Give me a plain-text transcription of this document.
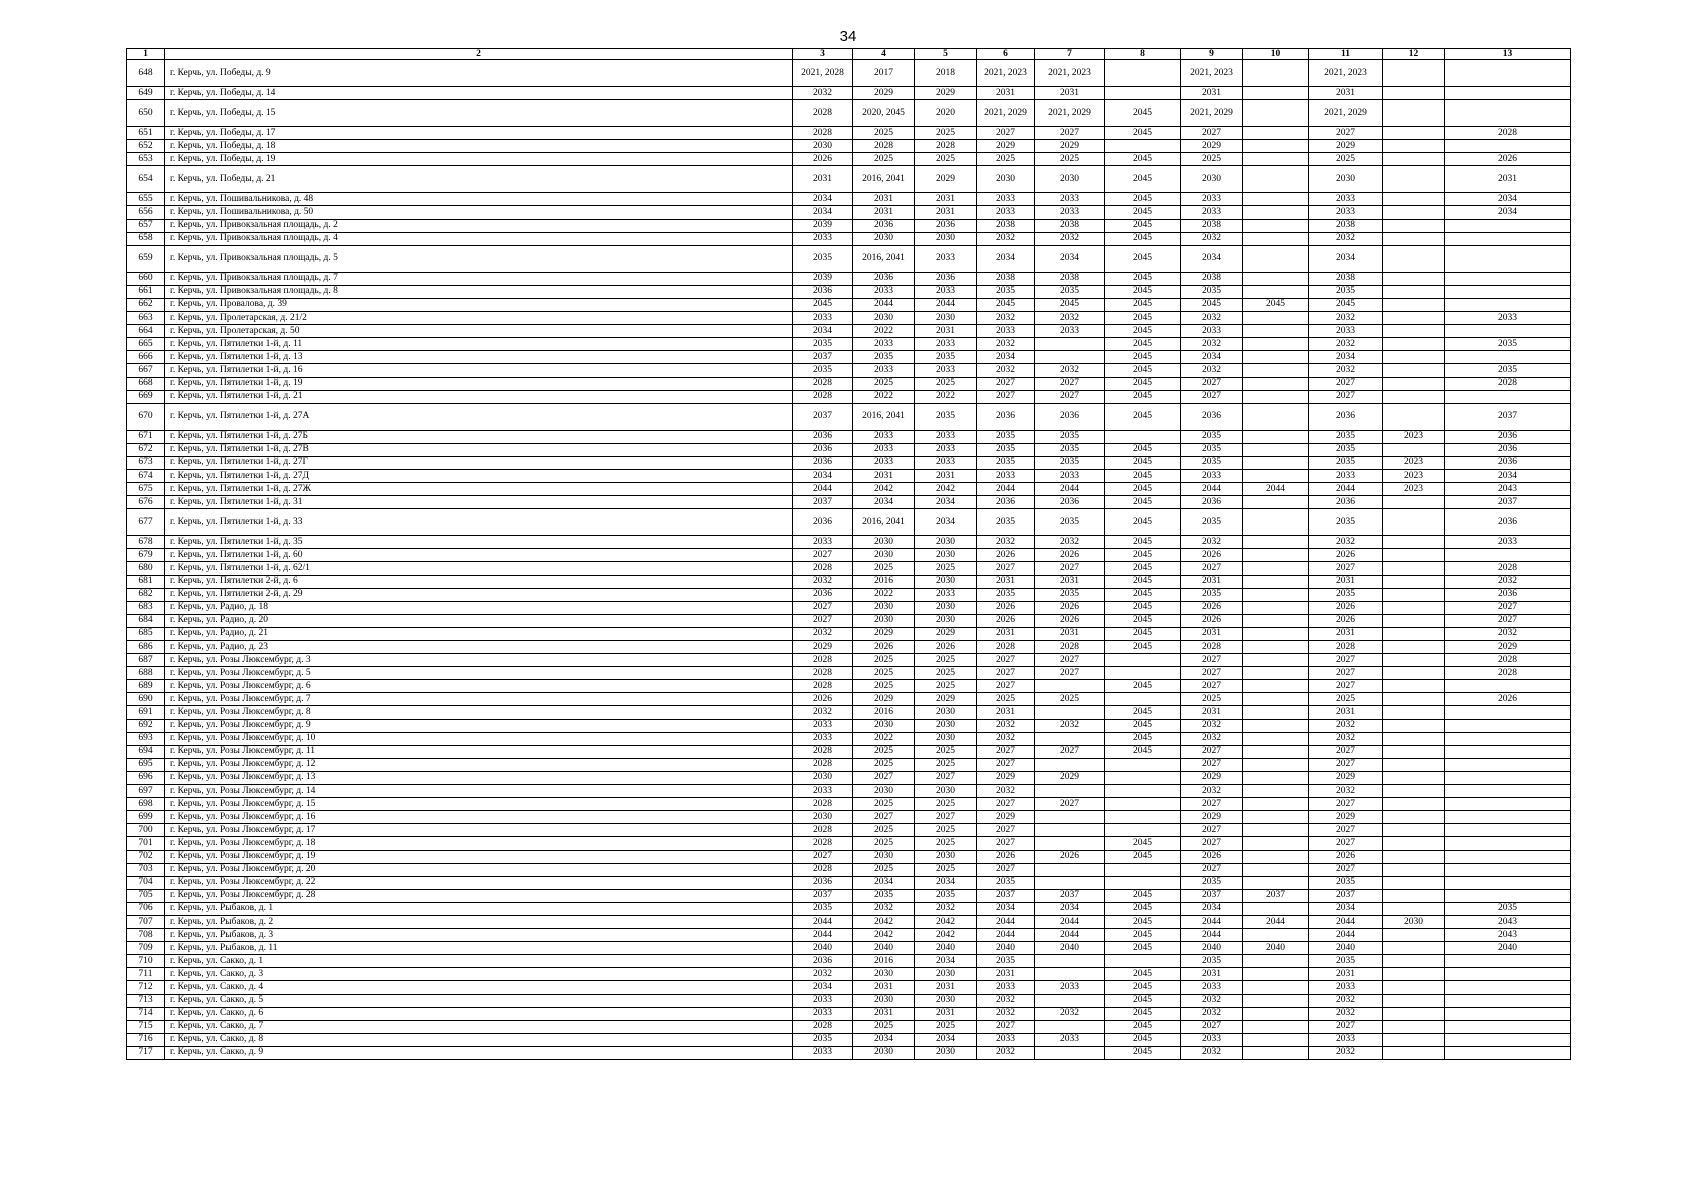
34
1	2	3	4	5	6	7	8	9	10	11	12	13
648	г. Керчь, ул. Победы, д. 9	2021, 2028	2017	2018	2021, 2023	2021, 2023		2021, 2023		2021, 2023		
649	г. Керчь, ул. Победы, д. 14	2032	2029	2029	2031	2031		2031		2031		
650	г. Керчь, ул. Победы, д. 15	2028	2020, 2045	2020	2021, 2029	2021, 2029	2045	2021, 2029		2021, 2029		
651	г. Керчь, ул. Победы, д. 17	2028	2025	2025	2027	2027	2045	2027		2027		2028
652	г. Керчь, ул. Победы, д. 18	2030	2028	2028	2029	2029		2029		2029		
653	г. Керчь, ул. Победы, д. 19	2026	2025	2025	2025	2025	2045	2025		2025		2026
654	г. Керчь, ул. Победы, д. 21	2031	2016, 2041	2029	2030	2030	2045	2030		2030		2031
655	г. Керчь, ул. Пошивальникова, д. 48	2034	2031	2031	2033	2033	2045	2033		2033		2034
656	г. Керчь, ул. Пошивальникова, д. 50	2034	2031	2031	2033	2033	2045	2033		2033		2034
657	г. Керчь, ул. Привокзальная площадь, д. 2	2039	2036	2036	2038	2038	2045	2038		2038		
658	г. Керчь, ул. Привокзальная площадь, д. 4	2033	2030	2030	2032	2032	2045	2032		2032		
659	г. Керчь, ул. Привокзальная площадь, д. 5	2035	2016, 2041	2033	2034	2034	2045	2034		2034		
660	г. Керчь, ул. Привокзальная площадь, д. 7	2039	2036	2036	2038	2038	2045	2038		2038		
661	г. Керчь, ул. Привокзальная площадь, д. 8	2036	2033	2033	2035	2035	2045	2035		2035		
662	г. Керчь, ул. Провалова, д. 39	2045	2044	2044	2045	2045	2045	2045	2045	2045		
663	г. Керчь, ул. Пролетарская, д. 21/2	2033	2030	2030	2032	2032	2045	2032		2032		2033
664	г. Керчь, ул. Пролетарская, д. 50	2034	2022	2031	2033	2033	2045	2033		2033		
665	г. Керчь, ул. Пятилетки 1-й, д. 11	2035	2033	2033	2032		2045	2032		2032		2035
666	г. Керчь, ул. Пятилетки 1-й, д. 13	2037	2035	2035	2034		2045	2034		2034		
667	г. Керчь, ул. Пятилетки 1-й, д. 16	2035	2033	2033	2032	2032	2045	2032		2032		2035
668	г. Керчь, ул. Пятилетки 1-й, д. 19	2028	2025	2025	2027	2027	2045	2027		2027		2028
669	г. Керчь, ул. Пятилетки 1-й, д. 21	2028	2022	2022	2027	2027	2045	2027		2027		
670	г. Керчь, ул. Пятилетки 1-й, д. 27А	2037	2016, 2041	2035	2036	2036	2045	2036		2036		2037
671	г. Керчь, ул. Пятилетки 1-й, д. 27Б	2036	2033	2033	2035	2035		2035		2035	2023	2036
672	г. Керчь, ул. Пятилетки 1-й, д. 27В	2036	2033	2033	2035	2035	2045	2035		2035		2036
673	г. Керчь, ул. Пятилетки 1-й, д. 27Г	2036	2033	2033	2035	2035	2045	2035		2035	2023	2036
674	г. Керчь, ул. Пятилетки 1-й, д. 27Д	2034	2031	2031	2033	2033	2045	2033		2033	2023	2034
675	г. Керчь, ул. Пятилетки 1-й, д. 27Ж	2044	2042	2042	2044	2044	2045	2044	2044	2044	2023	2043
676	г. Керчь, ул. Пятилетки 1-й, д. 31	2037	2034	2034	2036	2036	2045	2036		2036		2037
677	г. Керчь, ул. Пятилетки 1-й, д. 33	2036	2016, 2041	2034	2035	2035	2045	2035		2035		2036
678	г. Керчь, ул. Пятилетки 1-й, д. 35	2033	2030	2030	2032	2032	2045	2032		2032		2033
679	г. Керчь, ул. Пятилетки 1-й, д. 60	2027	2030	2030	2026	2026	2045	2026		2026		
680	г. Керчь, ул. Пятилетки 1-й, д. 62/1	2028	2025	2025	2027	2027	2045	2027		2027		2028
681	г. Керчь, ул. Пятилетки 2-й, д. 6	2032	2016	2030	2031	2031	2045	2031		2031		2032
682	г. Керчь, ул. Пятилетки 2-й, д. 29	2036	2022	2033	2035	2035	2045	2035		2035		2036
683	г. Керчь, ул. Радио, д. 18	2027	2030	2030	2026	2026	2045	2026		2026		2027
684	г. Керчь, ул. Радио, д. 20	2027	2030	2030	2026	2026	2045	2026		2026		2027
685	г. Керчь, ул. Радио, д. 21	2032	2029	2029	2031	2031	2045	2031		2031		2032
686	г. Керчь, ул. Радио, д. 23	2029	2026	2026	2028	2028	2045	2028		2028		2029
687	г. Керчь, ул. Розы Люксембург, д. 3	2028	2025	2025	2027	2027		2027		2027		2028
688	г. Керчь, ул. Розы Люксембург, д. 5	2028	2025	2025	2027	2027		2027		2027		2028
689	г. Керчь, ул. Розы Люксембург, д. 6	2028	2025	2025	2027		2045	2027		2027		
690	г. Керчь, ул. Розы Люксембург, д. 7	2026	2029	2029	2025	2025		2025		2025		2026
691	г. Керчь, ул. Розы Люксембург, д. 8	2032	2016	2030	2031		2045	2031		2031		
692	г. Керчь, ул. Розы Люксембург, д. 9	2033	2030	2030	2032	2032	2045	2032		2032		
693	г. Керчь, ул. Розы Люксембург, д. 10	2033	2022	2030	2032		2045	2032		2032		
694	г. Керчь, ул. Розы Люксембург, д. 11	2028	2025	2025	2027	2027	2045	2027		2027		
695	г. Керчь, ул. Розы Люксембург, д. 12	2028	2025	2025	2027			2027		2027		
696	г. Керчь, ул. Розы Люксембург, д. 13	2030	2027	2027	2029	2029		2029		2029		
697	г. Керчь, ул. Розы Люксембург, д. 14	2033	2030	2030	2032			2032		2032		
698	г. Керчь, ул. Розы Люксембург, д. 15	2028	2025	2025	2027	2027		2027		2027		
699	г. Керчь, ул. Розы Люксембург, д. 16	2030	2027	2027	2029			2029		2029		
700	г. Керчь, ул. Розы Люксембург, д. 17	2028	2025	2025	2027			2027		2027		
701	г. Керчь, ул. Розы Люксембург, д. 18	2028	2025	2025	2027		2045	2027		2027		
702	г. Керчь, ул. Розы Люксембург, д. 19	2027	2030	2030	2026	2026	2045	2026		2026		
703	г. Керчь, ул. Розы Люксембург, д. 20	2028	2025	2025	2027			2027		2027		
704	г. Керчь, ул. Розы Люксембург, д. 22	2036	2034	2034	2035			2035		2035		
705	г. Керчь, ул. Розы Люксембург, д. 28	2037	2035	2035	2037	2037	2045	2037	2037	2037		
706	г. Керчь, ул. Рыбаков, д. 1	2035	2032	2032	2034	2034	2045	2034		2034		2035
707	г. Керчь, ул. Рыбаков, д. 2	2044	2042	2042	2044	2044	2045	2044	2044	2044	2030	2043
708	г. Керчь, ул. Рыбаков, д. 3	2044	2042	2042	2044	2044	2045	2044		2044		2043
709	г. Керчь, ул. Рыбаков, д. 11	2040	2040	2040	2040	2040	2045	2040	2040	2040		2040
710	г. Керчь, ул. Сакко, д. 1	2036	2016	2034	2035			2035		2035		
711	г. Керчь, ул. Сакко, д. 3	2032	2030	2030	2031		2045	2031		2031		
712	г. Керчь, ул. Сакко, д. 4	2034	2031	2031	2033	2033	2045	2033		2033		
713	г. Керчь, ул. Сакко, д. 5	2033	2030	2030	2032		2045	2032		2032		
714	г. Керчь, ул. Сакко, д. 6	2033	2031	2031	2032	2032	2045	2032		2032		
715	г. Керчь, ул. Сакко, д. 7	2028	2025	2025	2027		2045	2027		2027		
716	г. Керчь, ул. Сакко, д. 8	2035	2034	2034	2033	2033	2045	2033		2033		
717	г. Керчь, ул. Сакко, д. 9	2033	2030	2030	2032		2045	2032		2032		
